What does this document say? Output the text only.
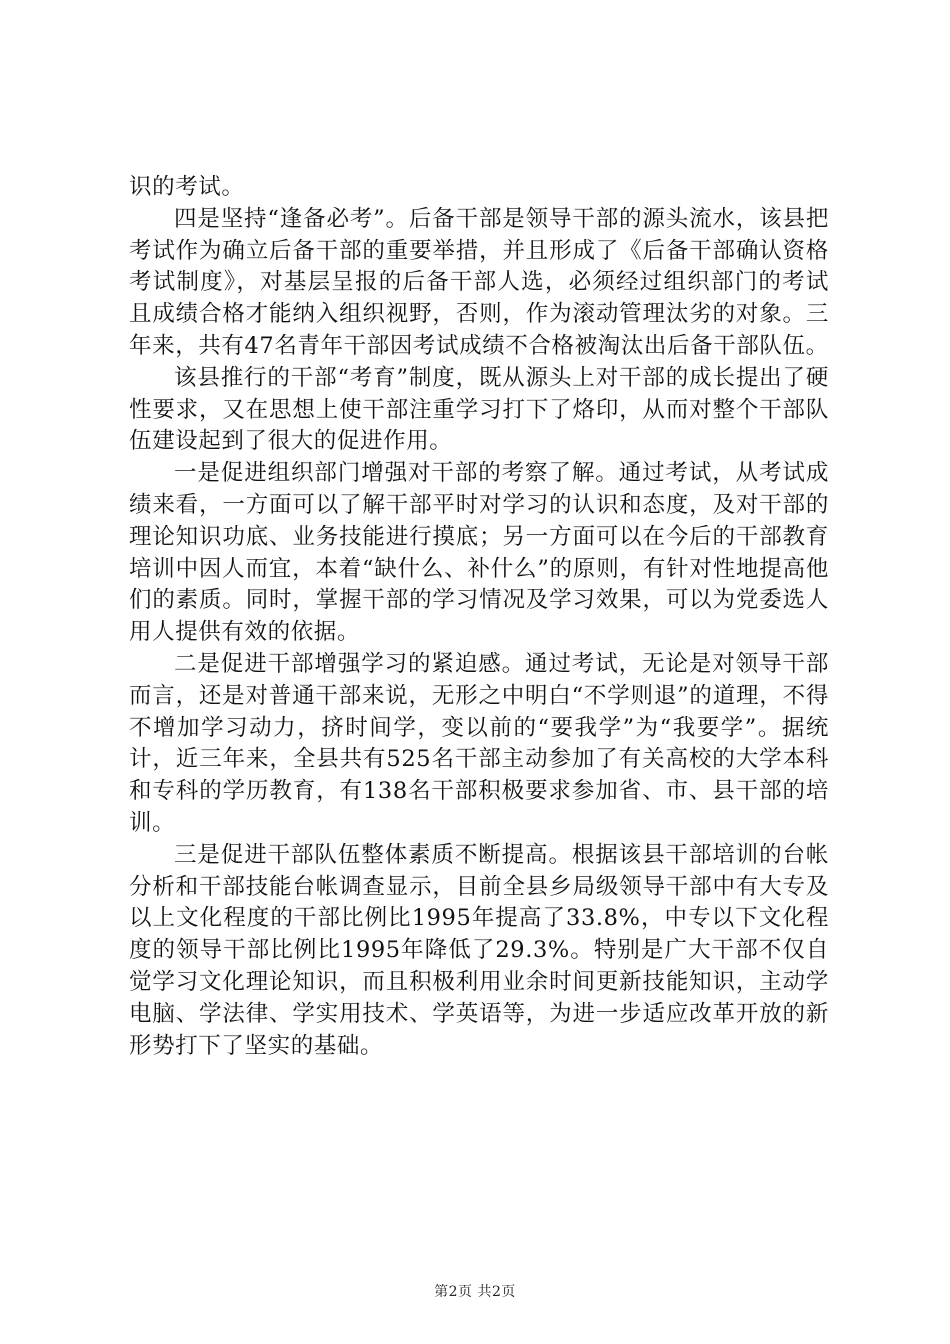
识的考试。

四是坚持“逢备必考”。后备干部是领导干部的源头流水，该县把考试作为确立后备干部的重要举措，并且形成了《后备干部确认资格考试制度》，对基层呈报的后备干部人选，必须经过组织部门的考试且成绩合格才能纳入组织视野，否则，作为滚动管理汰劣的对象。三年来，共有47名青年干部因考试成绩不合格被淘汰出后备干部队伍。

该县推行的干部“考育”制度，既从源头上对干部的成长提出了硬性要求，又在思想上使干部注重学习打下了烙印，从而对整个干部队伍建设起到了很大的促进作用。

一是促进组织部门增强对干部的考察了解。通过考试，从考试成绩来看，一方面可以了解干部平时对学习的认识和态度，及对干部的理论知识功底、业务技能进行摸底；另一方面可以在今后的干部教育培训中因人而宜，本着“缺什么、补什么”的原则，有针对性地提高他们的素质。同时，掌握干部的学习情况及学习效果，可以为党委选人用人提供有效的依据。

二是促进干部增强学习的紧迫感。通过考试，无论是对领导干部而言，还是对普通干部来说，无形之中明白“不学则退”的道理，不得不增加学习动力，挤时间学，变以前的“要我学”为“我要学”。据统计，近三年来，全县共有525名干部主动参加了有关高校的大学本科和专科的学历教育，有138名干部积极要求参加省、市、县干部的培训。

三是促进干部队伍整体素质不断提高。根据该县干部培训的台帐分析和干部技能台帐调查显示，目前全县乡局级领导干部中有大专及以上文化程度的干部比例比1995年提高了33.8%，中专以下文化程度的领导干部比例比1995年降低了29.3%。特别是广大干部不仅自觉学习文化理论知识，而且积极利用业余时间更新技能知识，主动学电脑、学法律、学实用技术、学英语等，为进一步适应改革开放的新形势打下了坚实的基础。

第2页 共2页
